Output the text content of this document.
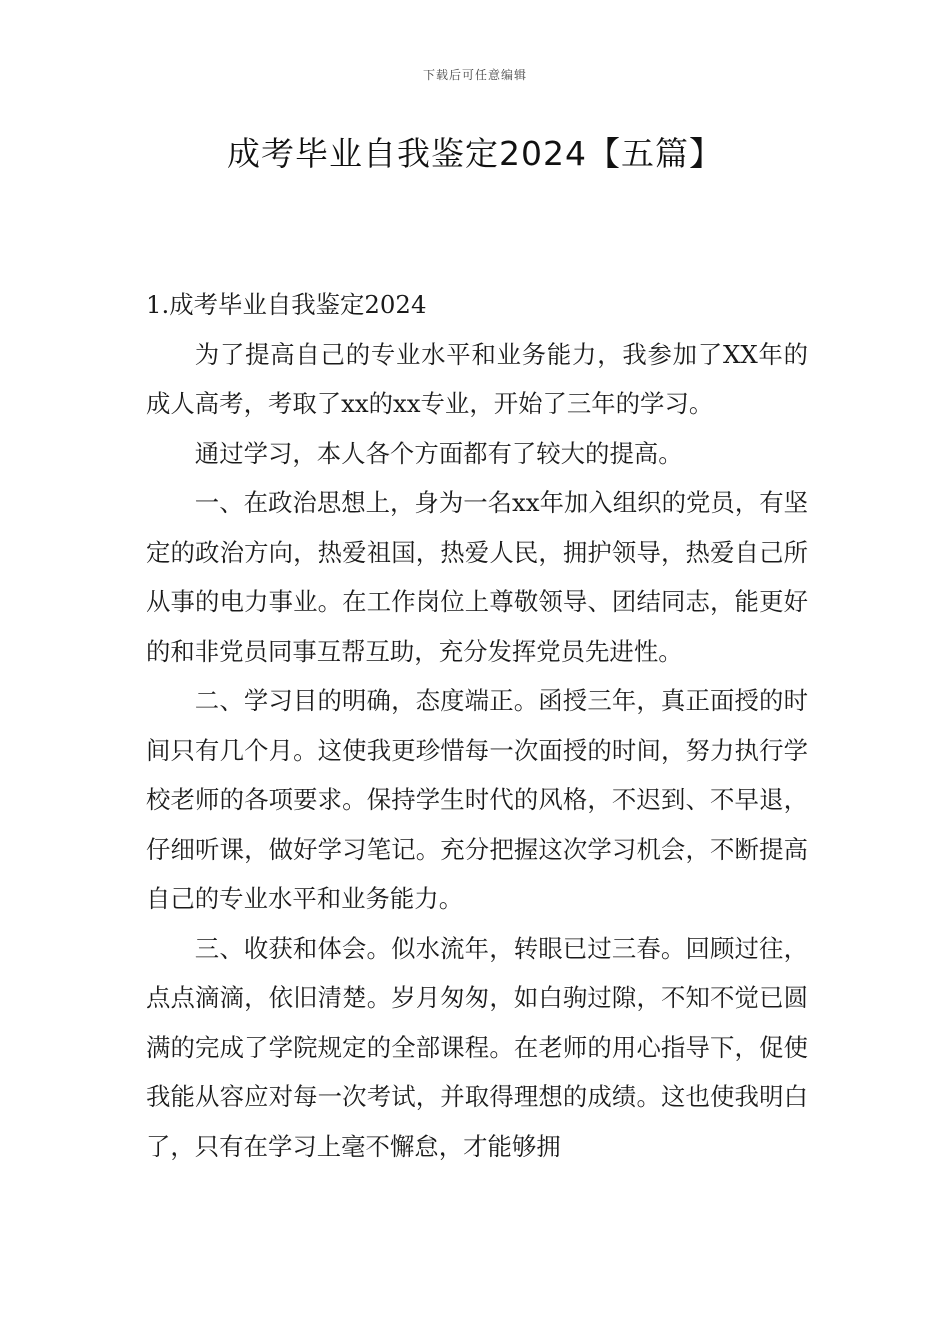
下载后可任意编辑
成考毕业自我鉴定2024【五篇】
1.成考毕业自我鉴定2024

为了提高自己的专业水平和业务能力，我参加了XX年的成人高考，考取了xx的xx专业，开始了三年的学习。

通过学习，本人各个方面都有了较大的提高。

一、在政治思想上，身为一名xx年加入组织的党员，有坚定的政治方向，热爱祖国，热爱人民，拥护领导，热爱自己所从事的电力事业。在工作岗位上尊敬领导、团结同志，能更好的和非党员同事互帮互助，充分发挥党员先进性。

二、学习目的明确，态度端正。函授三年，真正面授的时间只有几个月。这使我更珍惜每一次面授的时间，努力执行学校老师的各项要求。保持学生时代的风格，不迟到、不早退，仔细听课，做好学习笔记。充分把握这次学习机会，不断提高自己的专业水平和业务能力。

三、收获和体会。似水流年，转眼已过三春。回顾过往，点点滴滴，依旧清楚。岁月匆匆，如白驹过隙，不知不觉已圆满的完成了学院规定的全部课程。在老师的用心指导下，促使我能从容应对每一次考试，并取得理想的成绩。这也使我明白了，只有在学习上毫不懈怠，才能够拥
